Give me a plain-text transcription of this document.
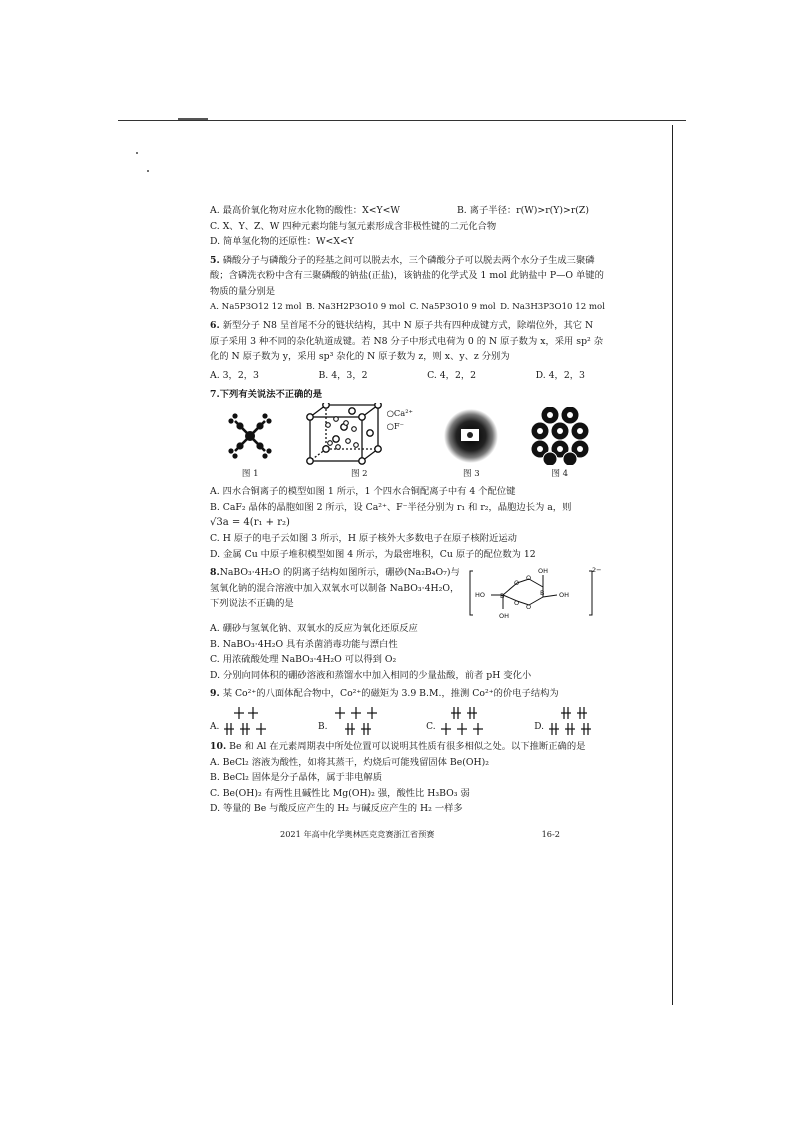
A. 最高价氧化物对应水化物的酸性：X<Y<W	B. 离子半径：r(W)>r(Y)>r(Z)

C. X、Y、Z、W 四种元素均能与氢元素形成含非极性键的二元化合物

D. 简单氢化物的还原性：W<X<Y

5. 磷酸分子与磷酸分子的羟基之间可以脱去水，三个磷酸分子可以脱去两个水分子生成三聚磷酸；含磷洗衣粉中含有三聚磷酸的钠盐(正盐)，该钠盐的化学式及 1 mol 此钠盐中 P—O 单键的物质的量分别是

A. Na5P3O12 12 mol B. Na3H2P3O10 9 mol C. Na5P3O10 9 mol D. Na3H3P3O10 12 mol

6. 新型分子 N8 呈首尾不分的链状结构，其中 N 原子共有四种成键方式，除端位外，其它 N 原子采用 3 种不同的杂化轨道成键。若 N8 分子中形式电荷为 0 的 N 原子数为 x，采用 sp² 杂化的 N 原子数为 y，采用 sp³ 杂化的 N 原子数为 z，则 x、y、z 分别为

A. 3，2，3	B. 4，3，2	C. 4，2，2	D. 4，2，3

7.下列有关说法不正确的是

图 1
○Ca²⁺
○F⁻
图 2	图 3	图 4

A. 四水合铜离子的模型如图 1 所示，1 个四水合铜配离子中有 4 个配位键

B. CaF₂ 晶体的晶胞如图 2 所示，设 Ca²⁺、F⁻半径分别为 r₁ 和 r₂，晶胞边长为 a，则

√3a = 4(r₁ + r₂)

C. H 原子的电子云如图 3 所示，H 原子核外大多数电子在原子核附近运动

D. 金属 Cu 中原子堆积模型如图 4 所示，为最密堆积，Cu 原子的配位数为 12

8.NaBO₃·4H₂O 的阴离子结构如图所示，硼砂(Na₂B₄O₇)与氢氧化钠的混合溶液中加入双氧水可以制备 NaBO₃·4H₂O，下列说法不正确的是

HO
OH
OH
OH
B	B
O
O
O O
2−

A. 硼砂与氢氧化钠、双氧水的反应为氧化还原反应

B. NaBO₃·4H₂O 具有杀菌消毒功能与漂白性

C. 用浓硫酸处理 NaBO₃·4H₂O 可以得到 O₂

D. 分别向同体积的硼砂溶液和蒸馏水中加入相同的少量盐酸，前者 pH 变化小

9. 某 Co²⁺的八面体配合物中，Co²⁺的磁矩为 3.9 B.M.，推测 Co²⁺的价电子结构为

A.	B.	C.	D.

10. Be 和 Al 在元素周期表中所处位置可以说明其性质有很多相似之处。以下推断正确的是

A. BeCl₂ 溶液为酸性，如将其蒸干，灼烧后可能残留固体 Be(OH)₂

B. BeCl₂ 固体是分子晶体，属于非电解质

C. Be(OH)₂ 有两性且碱性比 Mg(OH)₂ 强，酸性比 H₃BO₃ 弱

D. 等量的 Be 与酸反应产生的 H₂ 与碱反应产生的 H₂ 一样多

2021 年高中化学奥林匹克竞赛浙江省预赛	16-2
